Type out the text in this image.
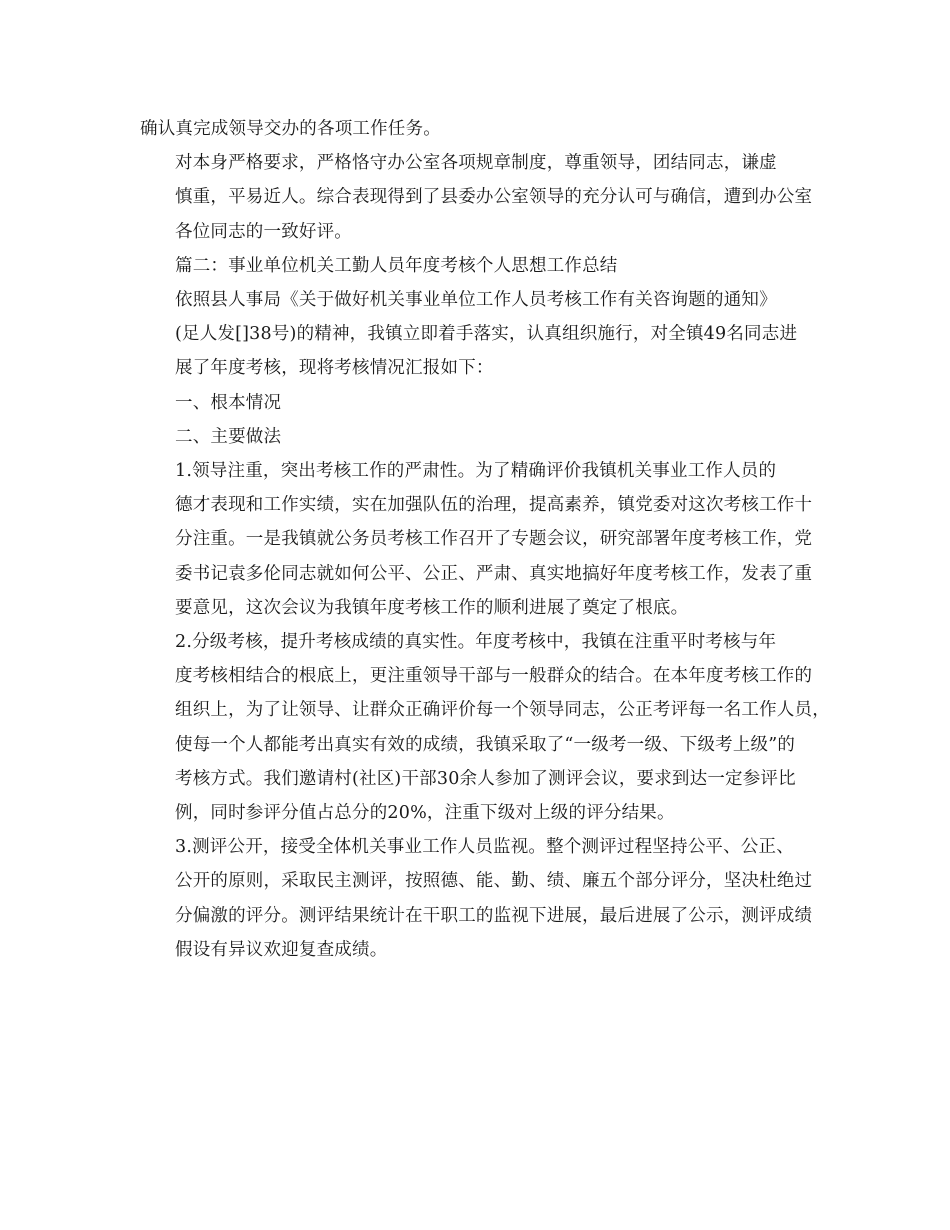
确认真完成领导交办的各项工作任务。

对本身严格要求，严格恪守办公室各项规章制度，尊重领导，团结同志，谦虚
慎重，平易近人。综合表现得到了县委办公室领导的充分认可与确信，遭到办公室
各位同志的一致好评。

篇二：事业单位机关工勤人员年度考核个人思想工作总结

依照县人事局《关于做好机关事业单位工作人员考核工作有关咨询题的通知》
(足人发[]38号)的精神，我镇立即着手落实，认真组织施行，对全镇49名同志进
展了年度考核，现将考核情况汇报如下：

一、根本情况

二、主要做法

1.领导注重，突出考核工作的严肃性。为了精确评价我镇机关事业工作人员的
德才表现和工作实绩，实在加强队伍的治理，提高素养，镇党委对这次考核工作十
分注重。一是我镇就公务员考核工作召开了专题会议，研究部署年度考核工作，党
委书记袁多伦同志就如何公平、公正、严肃、真实地搞好年度考核工作，发表了重
要意见，这次会议为我镇年度考核工作的顺利进展了奠定了根底。

2.分级考核，提升考核成绩的真实性。年度考核中，我镇在注重平时考核与年
度考核相结合的根底上，更注重领导干部与一般群众的结合。在本年度考核工作的
组织上，为了让领导、让群众正确评价每一个领导同志，公正考评每一名工作人员，
使每一个人都能考出真实有效的成绩，我镇采取了“一级考一级、下级考上级”的
考核方式。我们邀请村(社区)干部30余人参加了测评会议，要求到达一定参评比
例，同时参评分值占总分的20%，注重下级对上级的评分结果。

3.测评公开，接受全体机关事业工作人员监视。整个测评过程坚持公平、公正、
公开的原则，采取民主测评，按照德、能、勤、绩、廉五个部分评分，坚决杜绝过
分偏激的评分。测评结果统计在干职工的监视下进展，最后进展了公示，测评成绩
假设有异议欢迎复查成绩。
